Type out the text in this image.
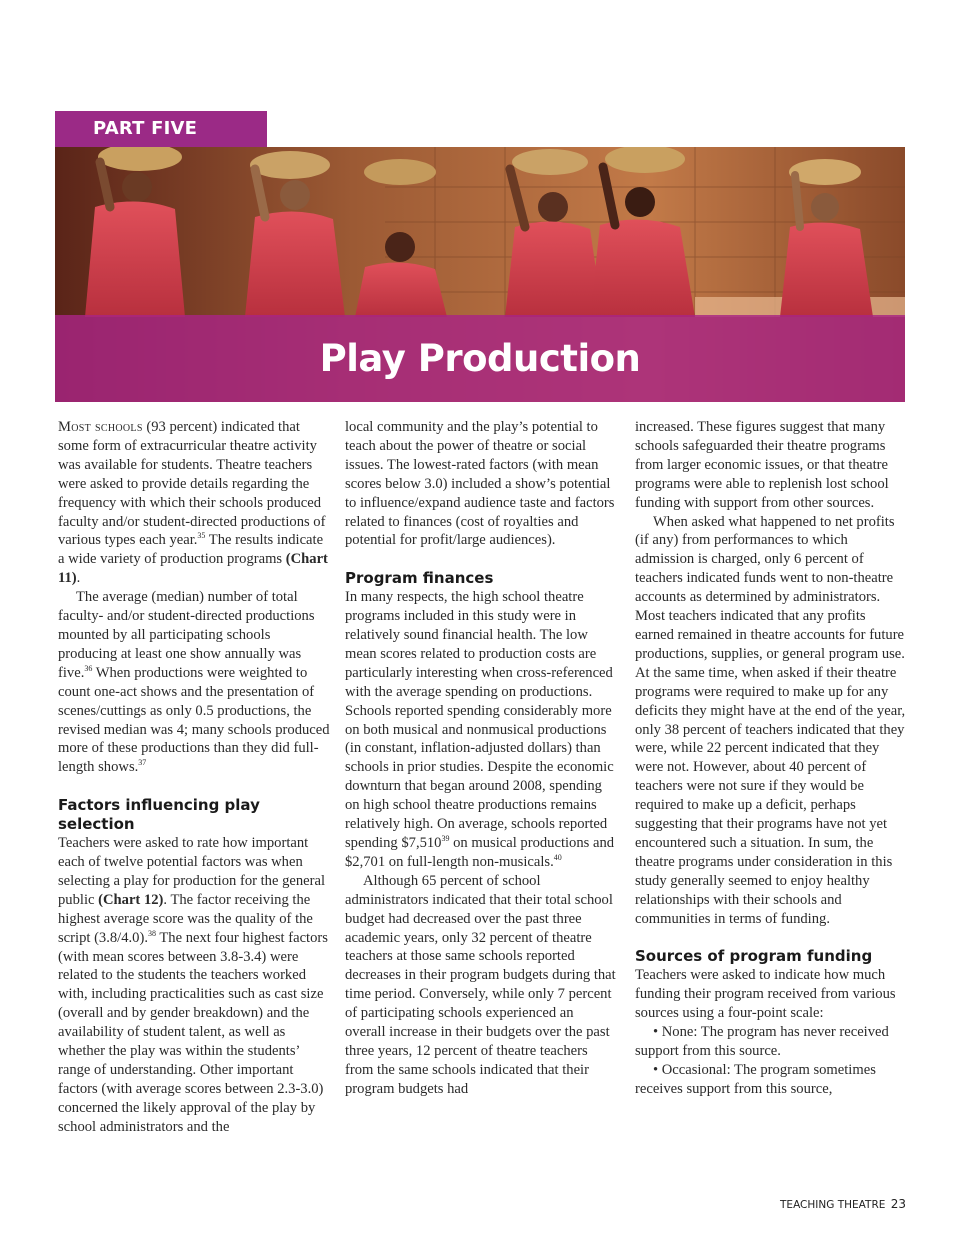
PART FIVE
Play Production

Most schools (93 percent) indicated that some form of extracurricular theatre activity was available for students. Theatre teachers were asked to provide details regarding the frequency with which their schools produced faculty and/or student-directed productions of various types each year.$^{35}$ The results indicate a wide variety of production programs (Chart 11).

The average (median) number of total faculty- and/or student-directed productions mounted by all participating schools producing at least one show annually was five.$^{36}$ When productions were weighted to count one-act shows and the presentation of scenes/cuttings as only 0.5 productions, the revised median was 4; many schools produced more of these productions than they did full-length shows.$^{37}$

Factors influencing play selection

Teachers were asked to rate how important each of twelve potential factors was when selecting a play for production for the general public (Chart 12). The factor receiving the highest average score was the quality of the script (3.8/4.0).$^{38}$ The next four highest factors (with mean scores between 3.8-3.4) were related to the students the teachers worked with, including practicalities such as cast size (overall and by gender breakdown) and the availability of student talent, as well as whether the play was within the students’ range of understanding. Other important factors (with average scores between 2.3-3.0) concerned the likely approval of the play by school administrators and the

local community and the play’s potential to teach about the power of theatre or social issues. The lowest-rated factors (with mean scores below 3.0) included a show’s potential to influence/expand audience taste and factors related to finances (cost of royalties and potential for profit/large audiences).

Program finances

In many respects, the high school theatre programs included in this study were in relatively sound financial health. The low mean scores related to production costs are particularly interesting when cross-referenced with the average spending on productions. Schools reported spending considerably more on both musical and nonmusical productions (in constant, inflation-adjusted dollars) than schools in prior studies. Despite the economic downturn that began around 2008, spending on high school theatre productions remains relatively high. On average, schools reported spending $7,510$^{39}$ on musical productions and $2,701 on full-length non-musicals.$^{40}$

Although 65 percent of school administrators indicated that their total school budget had decreased over the past three academic years, only 32 percent of theatre teachers at those same schools reported decreases in their program budgets during that time period. Conversely, while only 7 percent of participating schools experienced an overall increase in their budgets over the past three years, 12 percent of theatre teachers from the same schools indicated that their program budgets had

increased. These figures suggest that many schools safeguarded their theatre programs from larger economic issues, or that theatre programs were able to replenish lost school funding with support from other sources.

When asked what happened to net profits (if any) from performances to which admission is charged, only 6 percent of teachers indicated funds went to non-theatre accounts as determined by administrators. Most teachers indicated that any profits earned remained in theatre accounts for future productions, supplies, or general program use. At the same time, when asked if their theatre programs were required to make up for any deficits they might have at the end of the year, only 38 percent of teachers indicated that they were, while 22 percent indicated that they were not. However, about 40 percent of teachers were not sure if they would be required to make up a deficit, perhaps suggesting that their programs have not yet encountered such a situation. In sum, the theatre programs under consideration in this study generally seemed to enjoy healthy relationships with their schools and communities in terms of funding.

Sources of program funding

Teachers were asked to indicate how much funding their program received from various sources using a four-point scale:

• None: The program has never received support from this source.

• Occasional: The program sometimes receives support from this source,

TEACHING THEATRE 23
